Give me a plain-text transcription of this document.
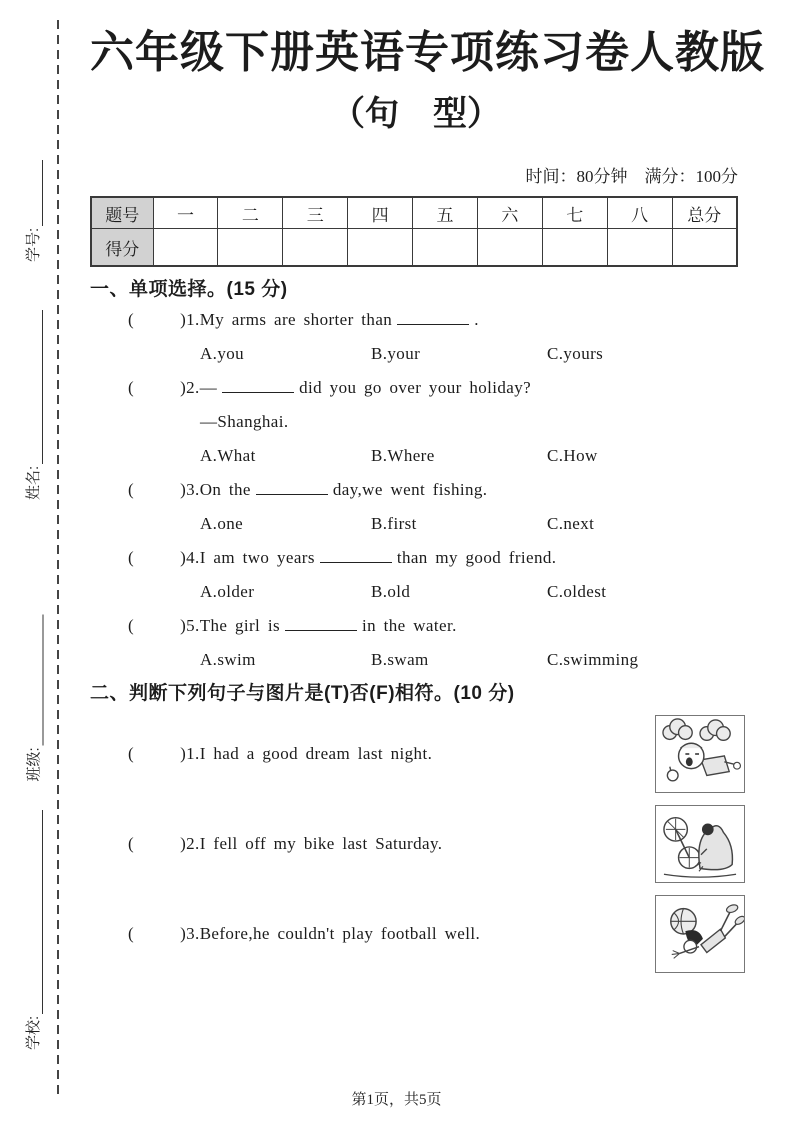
学号:
姓名:
班级:
学校:
六年级下册英语专项练习卷人教版
（句　型）
时间：80分钟　满分：100分
题号	一	二	三	四	五	六	七	八	总分
得分									
一、单项选择。(15 分)
(	)1.My arms are shorter than	.
A.you	B.your	C.yours
(	)2.—	did you go over your holiday?
—Shanghai.
A.What	B.Where	C.How
(	)3.On the	day,we went fishing.
A.one	B.first	C.next
(	)4.I am two years	than my good friend.
A.older	B.old	C.oldest
(	)5.The girl is	in the water.
A.swim	B.swam	C.swimming
二、判断下列句子与图片是(T)否(F)相符。(10 分)
(	)1.I had a good dream last night.
(	)2.I fell off my bike last Saturday.
(	)3.Before,he couldn't play football well.
第1页，共5页
